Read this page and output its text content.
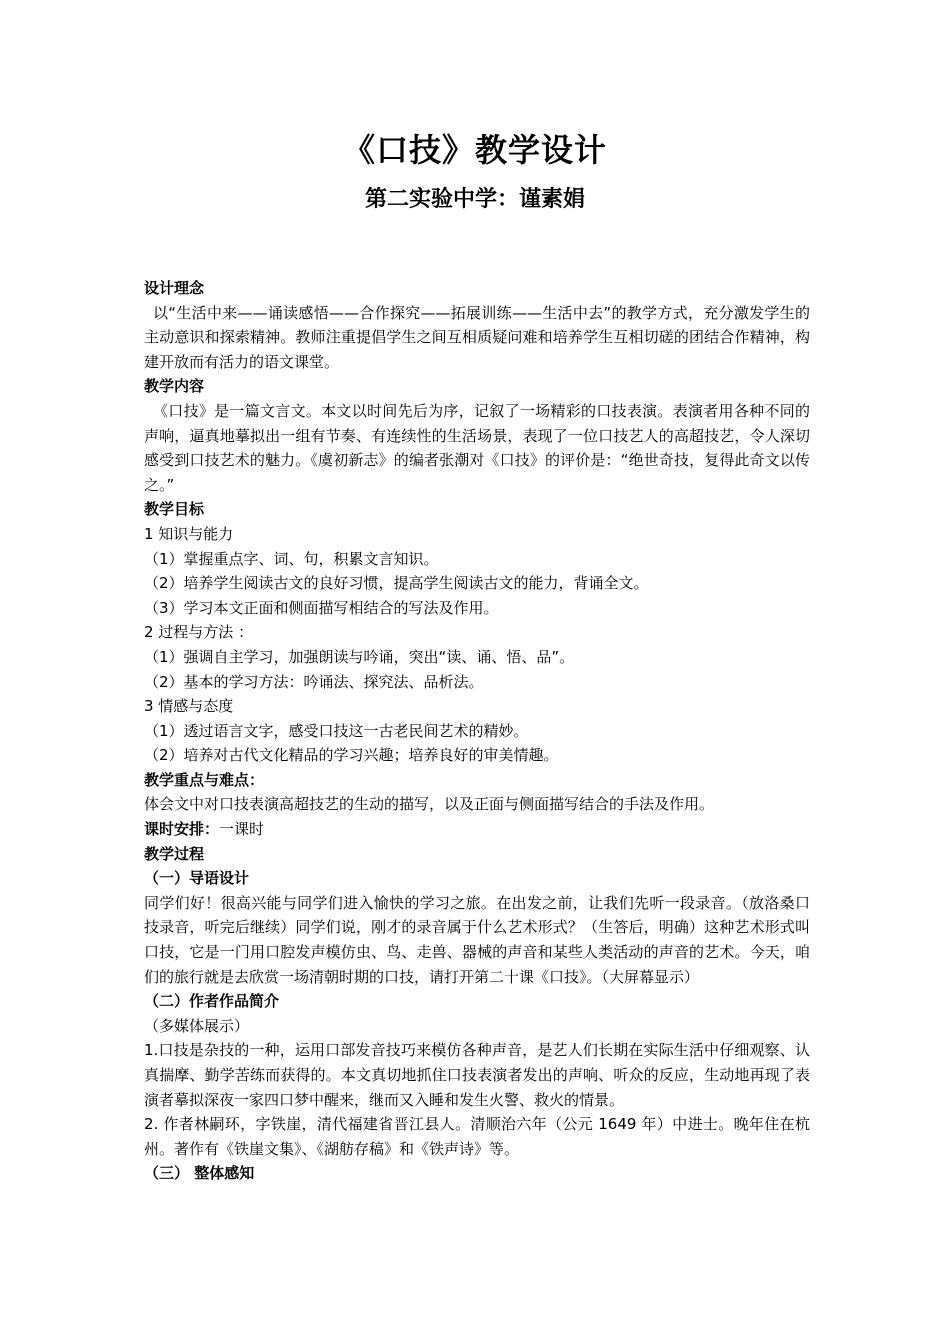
《口技》教学设计
第二实验中学：谨素娟

设计理念

以“生活中来——诵读感悟——合作探究——拓展训练——生活中去”的教学方式，充分激发学生的主动意识和探索精神。教师注重提倡学生之间互相质疑问难和培养学生互相切磋的团结合作精神，构建开放而有活力的语文课堂。

教学内容

《口技》是一篇文言文。本文以时间先后为序，记叙了一场精彩的口技表演。表演者用各种不同的声响，逼真地摹拟出一组有节奏、有连续性的生活场景，表现了一位口技艺人的高超技艺，令人深切感受到口技艺术的魅力。《虞初新志》的编者张潮对《口技》的评价是：“绝世奇技，复得此奇文以传之。”

教学目标

1 知识与能力

（1）掌握重点字、词、句，积累文言知识。

（2）培养学生阅读古文的良好习惯，提高学生阅读古文的能力，背诵全文。

（3）学习本文正面和侧面描写相结合的写法及作用。

2 过程与方法 ：

（1）强调自主学习，加强朗读与吟诵，突出“读、诵、悟、品”。

（2）基本的学习方法：吟诵法、探究法、品析法。

3 情感与态度

（1）透过语言文字，感受口技这一古老民间艺术的精妙。

（2）培养对古代文化精品的学习兴趣；培养良好的审美情趣。

教学重点与难点：

体会文中对口技表演高超技艺的生动的描写，以及正面与侧面描写结合的手法及作用。

课时安排：一课时

教学过程

（一）导语设计

同学们好！很高兴能与同学们进入愉快的学习之旅。在出发之前，让我们先听一段录音。（放洛桑口技录音，听完后继续）同学们说，刚才的录音属于什么艺术形式？（生答后，明确）这种艺术形式叫口技，它是一门用口腔发声模仿虫、鸟、走兽、器械的声音和某些人类活动的声音的艺术。今天，咱们的旅行就是去欣赏一场清朝时期的口技，请打开第二十课《口技》。（大屏幕显示）

（二）作者作品简介

（多媒体展示）

1.口技是杂技的一种，运用口部发音技巧来模仿各种声音，是艺人们长期在实际生活中仔细观察、认真揣摩、勤学苦练而获得的。本文真切地抓住口技表演者发出的声响、听众的反应，生动地再现了表演者摹拟深夜一家四口梦中醒来，继而又入睡和发生火警、救火的情景。

2. 作者林嗣环，字铁崖，清代福建省晋江县人。清顺治六年（公元 1649 年）中进士。晚年住在杭州。著作有《铁崖文集》、《湖舫存稿》和《铁声诗》等。

（三） 整体感知
